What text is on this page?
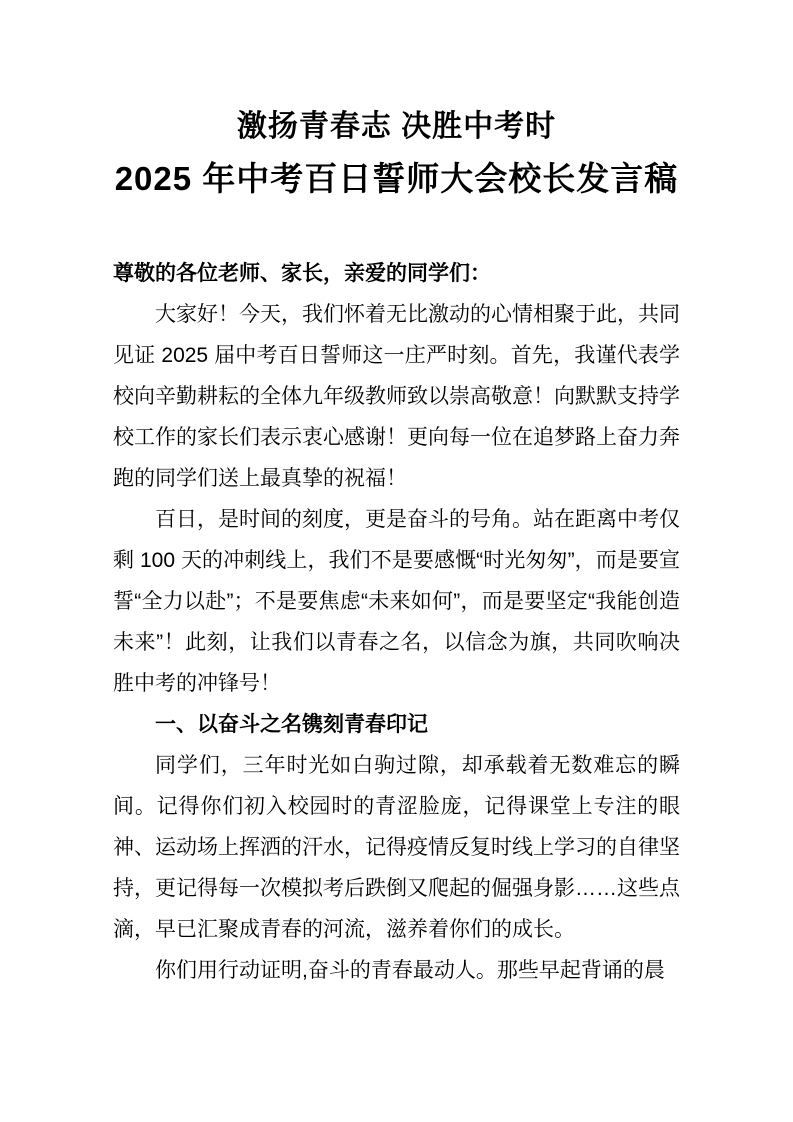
激扬青春志 决胜中考时
2025 年中考百日誓师大会校长发言稿

尊敬的各位老师、家长，亲爱的同学们：

大家好！今天，我们怀着无比激动的心情相聚于此，共同见证 2025 届中考百日誓师这一庄严时刻。首先，我谨代表学校向辛勤耕耘的全体九年级教师致以崇高敬意！向默默支持学校工作的家长们表示衷心感谢！更向每一位在追梦路上奋力奔跑的同学们送上最真挚的祝福！

百日，是时间的刻度，更是奋斗的号角。站在距离中考仅剩 100 天的冲刺线上，我们不是要感慨“时光匆匆”，而是要宣誓“全力以赴”；不是要焦虑“未来如何”，而是要坚定“我能创造未来”！此刻，让我们以青春之名，以信念为旗，共同吹响决胜中考的冲锋号！

一、以奋斗之名镌刻青春印记

同学们，三年时光如白驹过隙，却承载着无数难忘的瞬间。记得你们初入校园时的青涩脸庞，记得课堂上专注的眼神、运动场上挥洒的汗水，记得疫情反复时线上学习的自律坚持，更记得每一次模拟考后跌倒又爬起的倔强身影……这些点滴，早已汇聚成青春的河流，滋养着你们的成长。

你们用行动证明,奋斗的青春最动人。那些早起背诵的晨
